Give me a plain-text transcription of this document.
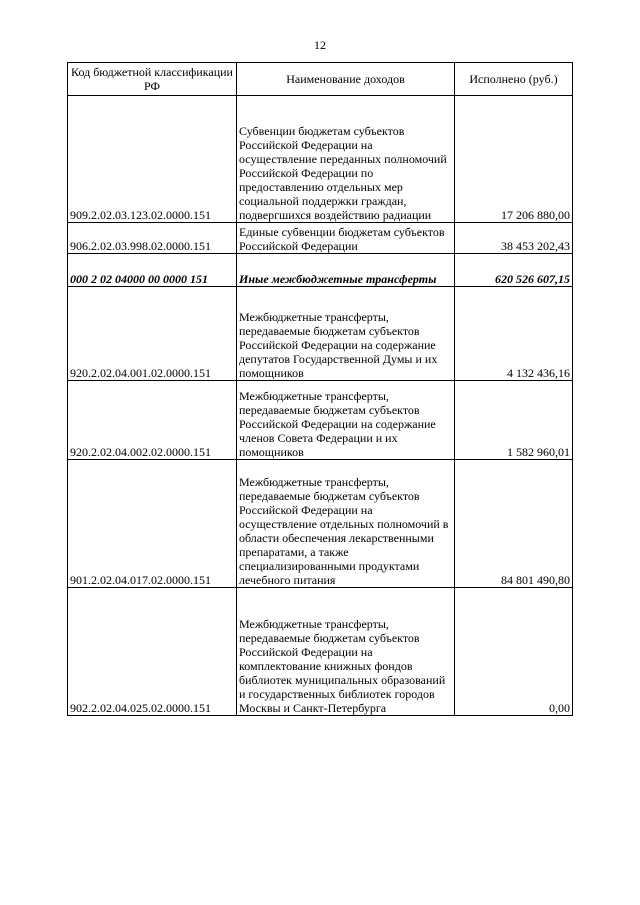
12
Код бюджетной классификации РФ	Наименование доходов	Исполнено (руб.)
909.2.02.03.123.02.0000.151	Субвенции бюджетам субъектов Российской Федерации на осуществление переданных полномочий Российской Федерации по предоставлению отдельных мер социальной поддержки граждан, подвергшихся воздействию радиации	17 206 880,00
906.2.02.03.998.02.0000.151	Единые субвенции бюджетам субъектов Российской Федерации	38 453 202,43
000 2 02 04000 00 0000 151	Иные межбюджетные трансферты	620 526 607,15
920.2.02.04.001.02.0000.151	Межбюджетные трансферты, передаваемые бюджетам субъектов Российской Федерации на содержание депутатов Государственной Думы и их помощников	4 132 436,16
920.2.02.04.002.02.0000.151	Межбюджетные трансферты, передаваемые бюджетам субъектов Российской Федерации на содержание членов Совета Федерации и их помощников	1 582 960,01
901.2.02.04.017.02.0000.151	Межбюджетные трансферты, передаваемые бюджетам субъектов Российской Федерации на осуществление отдельных полномочий в области обеспечения лекарственными препаратами, а также специализированными продуктами лечебного питания	84 801 490,80
902.2.02.04.025.02.0000.151	Межбюджетные трансферты, передаваемые бюджетам субъектов Российской Федерации на комплектование книжных фондов библиотек муниципальных образований и государственных библиотек городов Москвы и Санкт-Петербурга	0,00
